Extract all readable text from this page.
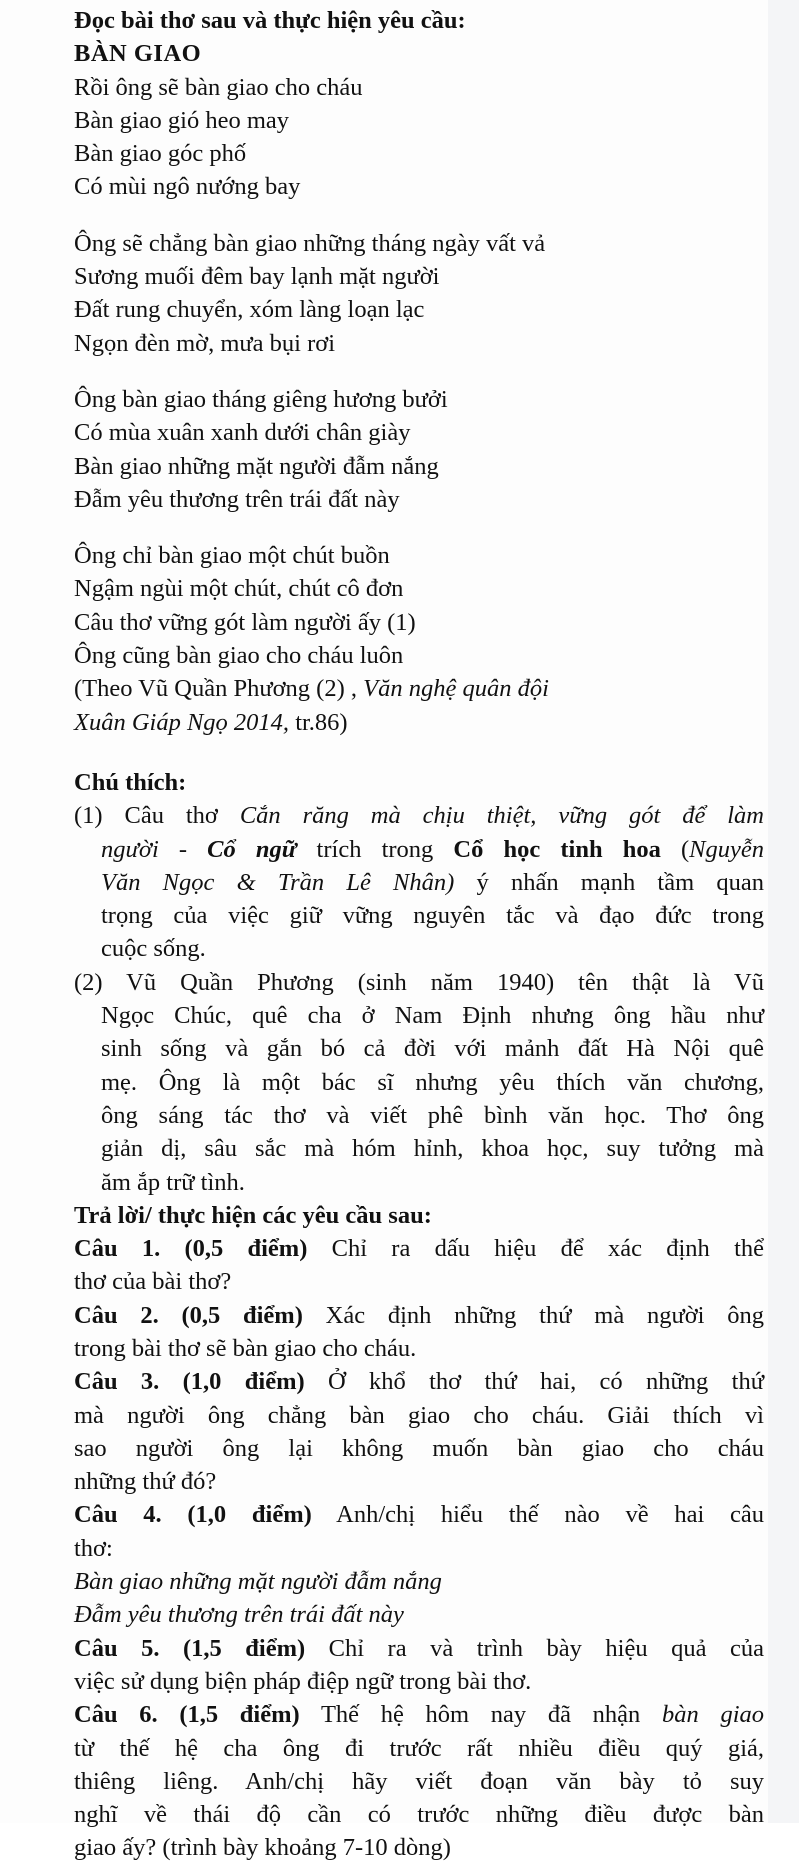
Đọc bài thơ sau và thực hiện yêu cầu:
BÀN GIAO
Rồi ông sẽ bàn giao cho cháu
Bàn giao gió heo may
Bàn giao góc phố
Có mùi ngô nướng bay
Ông sẽ chẳng bàn giao những tháng ngày vất vả
Sương muối đêm bay lạnh mặt người
Đất rung chuyển, xóm làng loạn lạc
Ngọn đèn mờ, mưa bụi rơi
Ông bàn giao tháng giêng hương bưởi
Có mùa xuân xanh dưới chân giày
Bàn giao những mặt người đẫm nắng
Đẫm yêu thương trên trái đất này
Ông chỉ bàn giao một chút buồn
Ngậm ngùi một chút, chút cô đơn
Câu thơ vững gót làm người ấy (1)
Ông cũng bàn giao cho cháu luôn
(Theo Vũ Quần Phương (2) , Văn nghệ quân đội
Xuân Giáp Ngọ 2014, tr.86)
Chú thích:
(1) Câu thơ Cắn răng mà chịu thiệt, vững gót để làm
người - Cổ ngữ trích trong Cổ học tinh hoa (Nguyễn
Văn Ngọc & Trần Lê Nhân) ý nhấn mạnh tầm quan
trọng của việc giữ vững nguyên tắc và đạo đức trong
cuộc sống.
(2) Vũ Quần Phương (sinh năm 1940) tên thật là Vũ
Ngọc Chúc, quê cha ở Nam Định nhưng ông hầu như
sinh sống và gắn bó cả đời với mảnh đất Hà Nội quê
mẹ. Ông là một bác sĩ nhưng yêu thích văn chương,
ông sáng tác thơ và viết phê bình văn học. Thơ ông
giản dị, sâu sắc mà hóm hỉnh, khoa học, suy tưởng mà
ăm ắp trữ tình.
Trả lời/ thực hiện các yêu cầu sau:
Câu 1. (0,5 điểm) Chỉ ra dấu hiệu để xác định thể
thơ của bài thơ?
Câu 2. (0,5 điểm) Xác định những thứ mà người ông
trong bài thơ sẽ bàn giao cho cháu.
Câu 3. (1,0 điểm) Ở khổ thơ thứ hai, có những thứ
mà người ông chẳng bàn giao cho cháu. Giải thích vì
sao người ông lại không muốn bàn giao cho cháu
những thứ đó?
Câu 4. (1,0 điểm) Anh/chị hiểu thế nào về hai câu
thơ:
Bàn giao những mặt người đẫm nắng
Đẫm yêu thương trên trái đất này
Câu 5. (1,5 điểm) Chỉ ra và trình bày hiệu quả của
việc sử dụng biện pháp điệp ngữ trong bài thơ.
Câu 6. (1,5 điểm) Thế hệ hôm nay đã nhận bàn giao
từ thế hệ cha ông đi trước rất nhiều điều quý giá,
thiêng liêng. Anh/chị hãy viết đoạn văn bày tỏ suy
nghĩ về thái độ cần có trước những điều được bàn
giao ấy? (trình bày khoảng 7-10 dòng)
